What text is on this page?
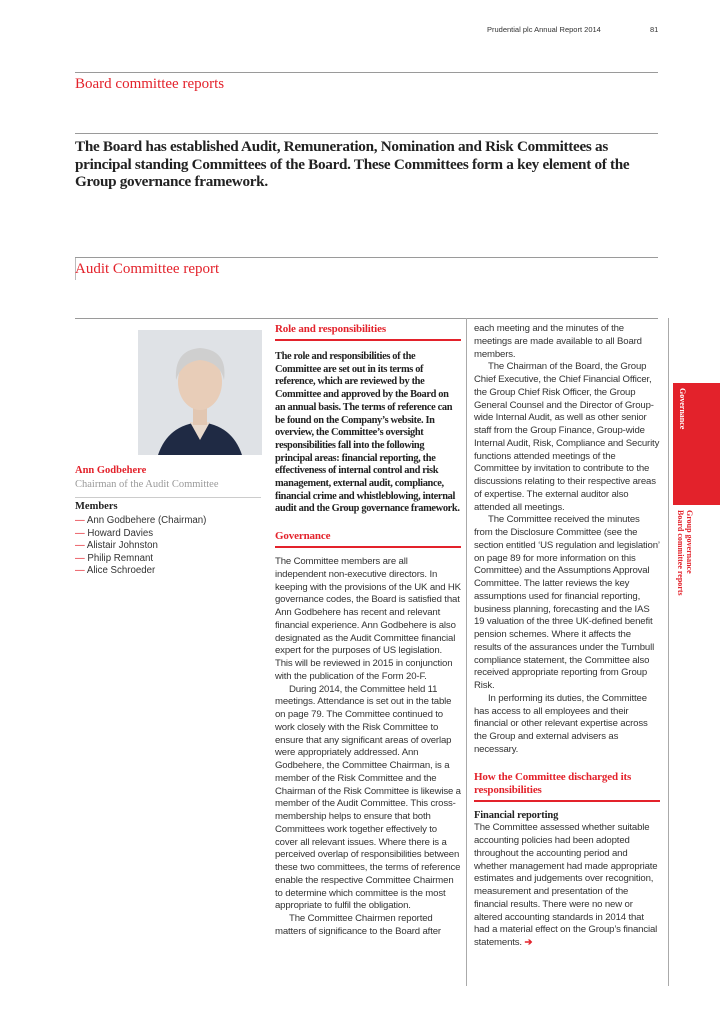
Prudential plc Annual Report 2014	81
Board committee reports
The Board has established Audit, Remuneration, Nomination and Risk Committees as principal standing Committees of the Board. These Committees form a key element of the Group governance framework.
Audit Committee report
Ann Godbehere
Chairman of the Audit Committee
Members
— Ann Godbehere (Chairman)
— Howard Davies
— Alistair Johnston
— Philip Remnant
— Alice Schroeder
Role and responsibilities

The role and responsibilities of the Committee are set out in its terms of reference, which are reviewed by the Committee and approved by the Board on an annual basis. The terms of reference can be found on the Company’s website. In overview, the Committee’s oversight responsibilities fall into the following principal areas: financial reporting, the effectiveness of internal control and risk management, external audit, compliance, financial crime and whistleblowing, internal audit and the Group governance framework.

Governance

The Committee members are all independent non-executive directors. In keeping with the provisions of the UK and HK governance codes, the Board is satisfied that Ann Godbehere has recent and relevant financial experience. Ann Godbehere is also designated as the Audit Committee financial expert for the purposes of US legislation. This will be reviewed in 2015 in conjunction with the publication of the Form 20-F.

During 2014, the Committee held 11 meetings. Attendance is set out in the table on page 79. The Committee continued to work closely with the Risk Committee to ensure that any significant areas of overlap were appropriately addressed. Ann Godbehere, the Committee Chairman, is a member of the Risk Committee and the Chairman of the Risk Committee is likewise a member of the Audit Committee. This cross-membership helps to ensure that both Committees work together effectively to cover all relevant issues. Where there is a perceived overlap of responsibilities between these two committees, the terms of reference enable the respective Committee Chairmen to determine which committee is the most appropriate to fulfil the obligation.

The Committee Chairmen reported matters of significance to the Board after

each meeting and the minutes of the meetings are made available to all Board members.

The Chairman of the Board, the Group Chief Executive, the Chief Financial Officer, the Group Chief Risk Officer, the Group General Counsel and the Director of Group-wide Internal Audit, as well as other senior staff from the Group Finance, Group-wide Internal Audit, Risk, Compliance and Security functions attended meetings of the Committee by invitation to contribute to the discussions relating to their respective areas of expertise. The external auditor also attended all meetings.

The Committee received the minutes from the Disclosure Committee (see the section entitled ‘US regulation and legislation’ on page 89 for more information on this Committee) and the Assumptions Approval Committee. The latter reviews the key assumptions used for financial reporting, business planning, forecasting and the IAS 19 valuation of the three UK-defined benefit pension schemes. Where it affects the results of the assurances under the Turnbull compliance statement, the Committee also received appropriate reporting from Group Risk.

In performing its duties, the Committee has access to all employees and their financial or other relevant expertise across the Group and external advisers as necessary.

How the Committee discharged its responsibilities
Financial reporting

The Committee assessed whether suitable accounting policies had been adopted throughout the accounting period and whether management had made appropriate estimates and judgements over recognition, measurement and presentation of the financial results. There were no new or altered accounting standards in 2014 that had a material effect on the Group’s financial statements. ➔

Governance
Group governance
Board committee reports
